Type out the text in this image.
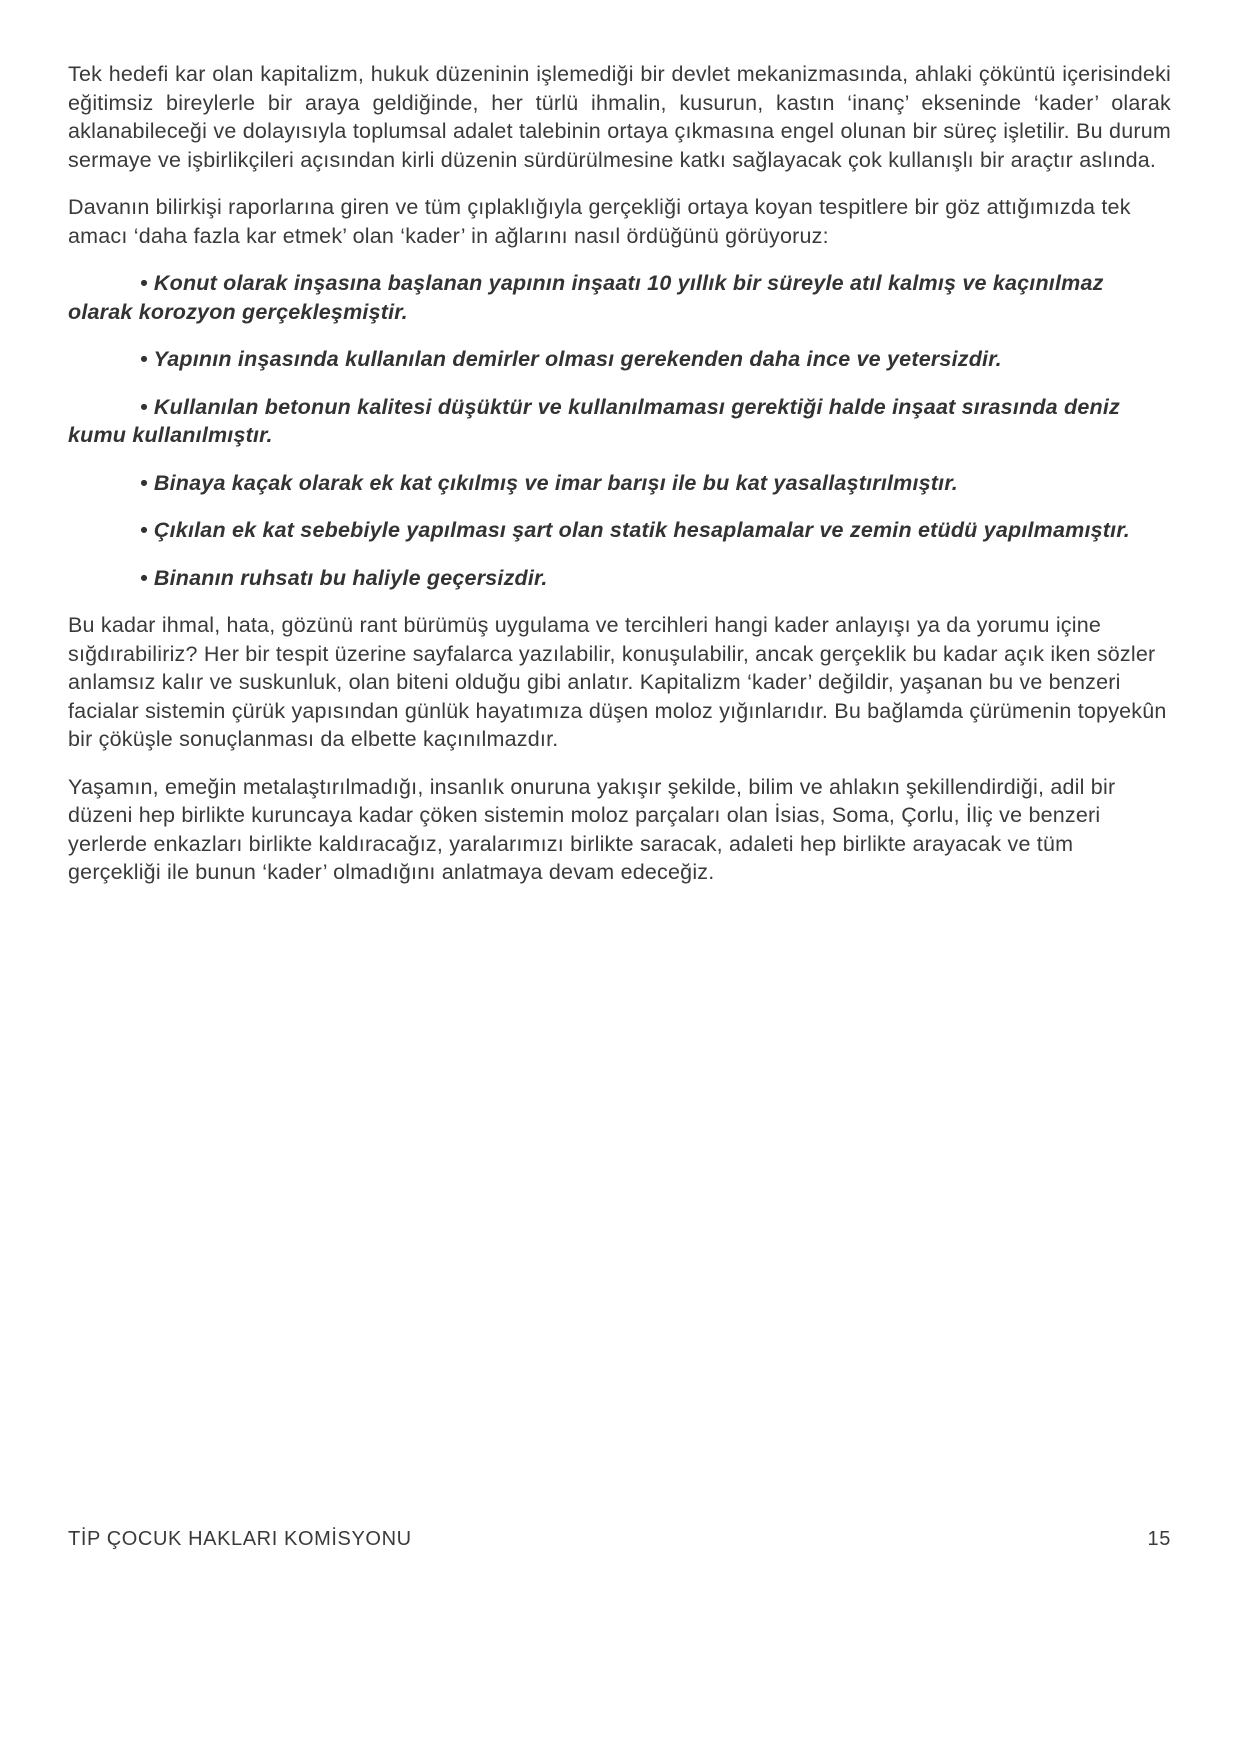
Tek hedefi kar olan kapitalizm, hukuk düzeninin işlemediği bir devlet mekanizmasında, ahlaki çöküntü içerisindeki eğitimsiz bireylerle bir araya geldiğinde, her türlü ihmalin, kusurun, kastın ‘inanç’ ekseninde ‘kader’ olarak aklanabileceği ve dolayısıyla toplumsal adalet talebinin ortaya çıkmasına engel olunan bir süreç işletilir. Bu durum sermaye ve işbirlikçileri açısından kirli düzenin sürdürülmesine katkı sağlayacak çok kullanışlı bir araçtır aslında.

Davanın bilirkişi raporlarına giren ve tüm çıplaklığıyla gerçekliği ortaya koyan tespitlere bir göz attığımızda tek amacı ‘daha fazla kar etmek’ olan ‘kader’ in ağlarını nasıl ördüğünü görüyoruz:

• Konut olarak inşasına başlanan yapının inşaatı 10 yıllık bir süreyle atıl kalmış ve kaçınılmaz olarak korozyon gerçekleşmiştir.

• Yapının inşasında kullanılan demirler olması gerekenden daha ince ve yetersizdir.

• Kullanılan betonun kalitesi düşüktür ve kullanılmaması gerektiği halde inşaat sırasında deniz kumu kullanılmıştır.

• Binaya kaçak olarak ek kat çıkılmış ve imar barışı ile bu kat yasallaştırılmıştır.

• Çıkılan ek kat sebebiyle yapılması şart olan statik hesaplamalar ve zemin etüdü yapılmamıştır.

• Binanın ruhsatı bu haliyle geçersizdir.

Bu kadar ihmal, hata, gözünü rant bürümüş uygulama ve tercihleri hangi kader anlayışı ya da yorumu içine sığdırabiliriz? Her bir tespit üzerine sayfalarca yazılabilir, konuşulabilir, ancak gerçeklik bu kadar açık iken sözler anlamsız kalır ve suskunluk, olan biteni olduğu gibi anlatır. Kapitalizm ‘kader’ değildir, yaşanan bu ve benzeri facialar sistemin çürük yapısından günlük hayatımıza düşen moloz yığınlarıdır. Bu bağlamda çürümenin topyekûn bir çöküşle sonuçlanması da elbette kaçınılmazdır.

Yaşamın, emeğin metalaştırılmadığı, insanlık onuruna yakışır şekilde, bilim ve ahlakın şekillendirdiği, adil bir düzeni hep birlikte kuruncaya kadar çöken sistemin moloz parçaları olan İsias, Soma, Çorlu, İliç ve benzeri yerlerde enkazları birlikte kaldıracağız, yaralarımızı birlikte saracak, adaleti hep birlikte arayacak ve tüm gerçekliği ile bunun ‘kader’ olmadığını anlatmaya devam edeceğiz.

TİP ÇOCUK HAKLARI KOMİSYONU	15
